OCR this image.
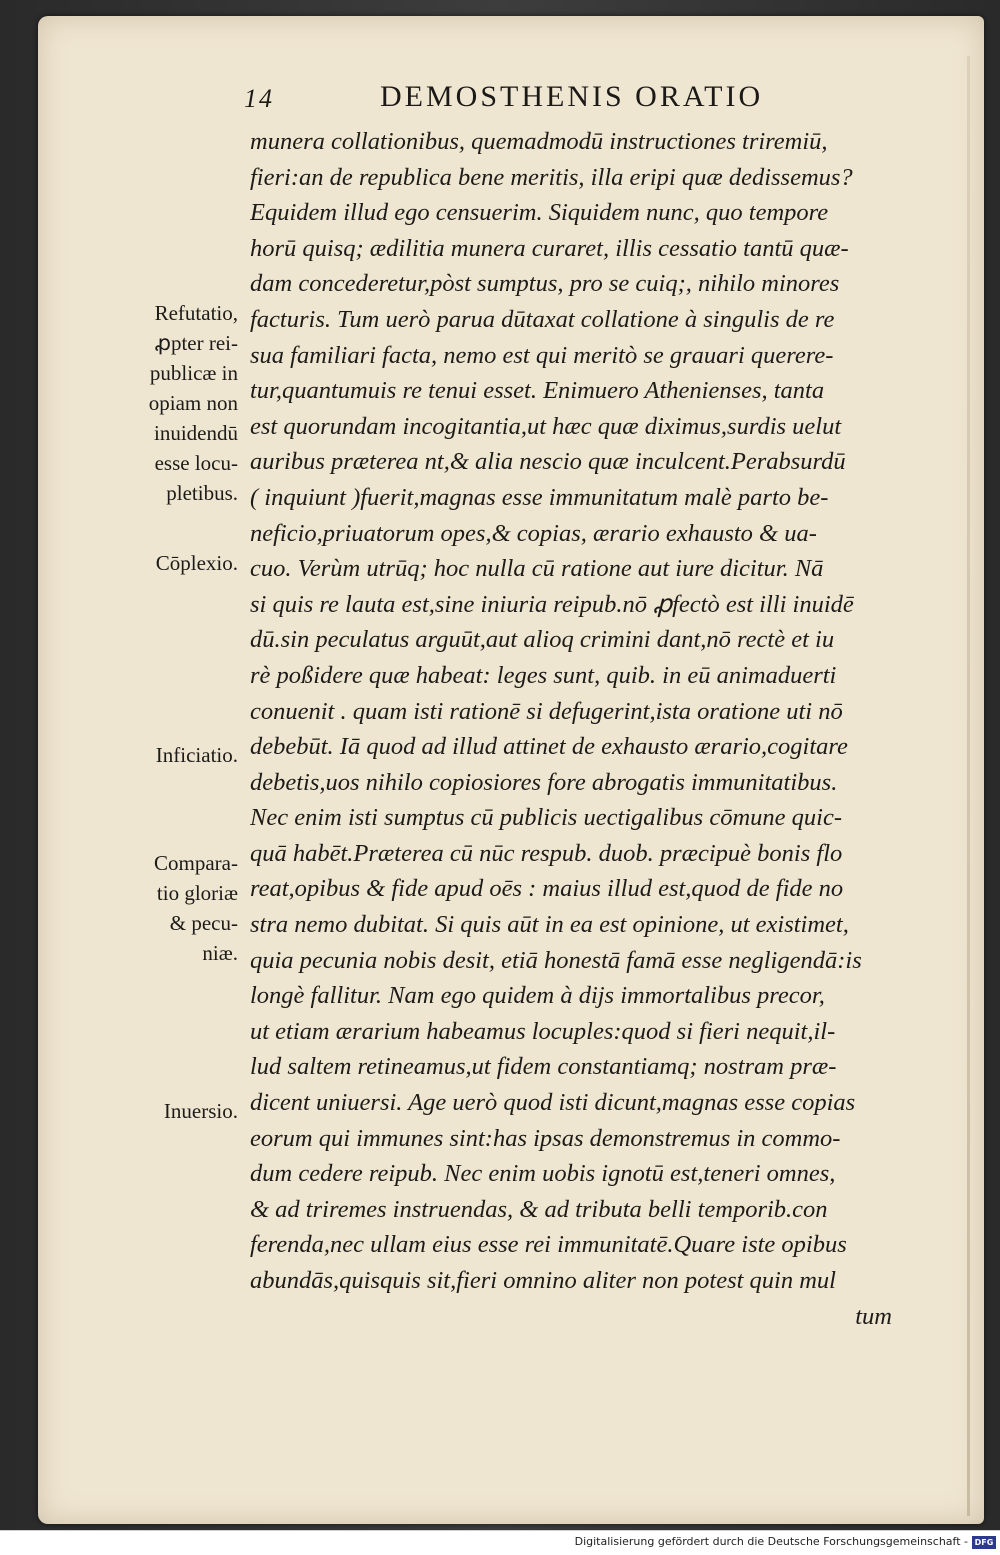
14	DEMOSTHENIS ORATIO
Refutatio,
ꝓpter rei-
publicæ in
opiam non
inuidendū
esse locu-
pletibus.
Cōplexio.
Inficiatio.
Compara-
tio gloriæ
& pecu-
niæ.
Inuersio.
munera collationibus, quemadmodū instructiones triremiū,
fieri:an de republica bene meritis, illa eripi quæ dedissemus?
Equidem illud ego censuerim. Siquidem nunc, quo tempore
horū quisq; ædilitia munera curaret, illis cessatio tantū quæ-
dam concederetur,pòst sumptus, pro se cuiq;, nihilo minores
facturis. Tum uerò parua dūtaxat collatione à singulis de re
sua familiari facta, nemo est qui meritò se grauari querere-
tur,quantumuis re tenui esset. Enimuero Athenienses, tanta
est quorundam incogitantia,ut hæc quæ diximus,surdis uelut
auribus præterea nt,& alia nescio quæ inculcent.Perabsurdū
( inquiunt )fuerit,magnas esse immunitatum malè parto be-
neficio,priuatorum opes,& copias, ærario exhausto & ua-
cuo. Verùm utrūq; hoc nulla cū ratione aut iure dicitur. Nā
si quis re lauta est,sine iniuria reipub.nō ꝓfectò est illi inuidē
dū.sin peculatus arguūt,aut alioq crimini dant,nō rectè et iu
rè poßidere quæ habeat: leges sunt, quib. in eū animaduerti
conuenit . quam isti rationē si defugerint,ista oratione uti nō
debebūt. Iā quod ad illud attinet de exhausto ærario,cogitare
debetis,uos nihilo copiosiores fore abrogatis immunitatibus.
Nec enim isti sumptus cū publicis uectigalibus cōmune quic-
quā habēt.Præterea cū nūc respub. duob. præcipuè bonis flo
reat,opibus & fide apud oēs : maius illud est,quod de fide no
stra nemo dubitat. Si quis aūt in ea est opinione, ut existimet,
quia pecunia nobis desit, etiā honestā famā esse negligendā:is
longè fallitur. Nam ego quidem à dijs immortalibus precor,
ut etiam ærarium habeamus locuples:quod si fieri nequit,il-
lud saltem retineamus,ut fidem constantiamq; nostram præ-
dicent uniuersi. Age uerò quod isti dicunt,magnas esse copias
eorum qui immunes sint:has ipsas demonstremus in commo-
dum cedere reipub. Nec enim uobis ignotū est,teneri omnes,
& ad triremes instruendas, & ad tributa belli temporib.con
ferenda,nec ullam eius esse rei immunitatē.Quare iste opibus
abundās,quisquis sit,fieri omnino aliter non potest quin mul
tum
Digitalisierung gefördert durch die Deutsche Forschungsgemeinschaft - DFG
